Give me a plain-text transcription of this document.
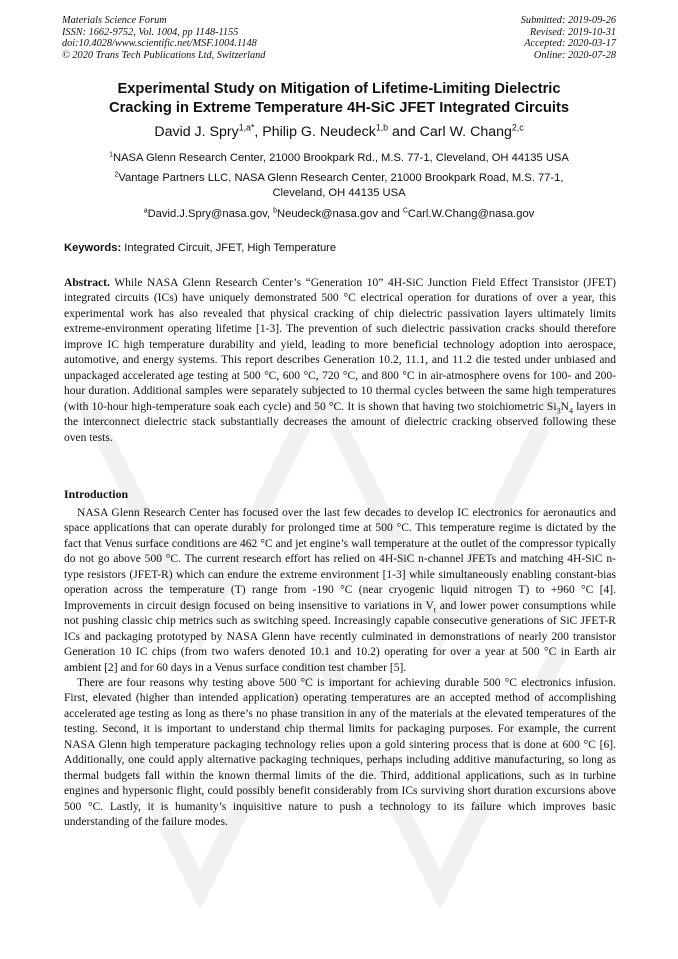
Materials Science Forum
ISSN: 1662-9752, Vol. 1004, pp 1148-1155
doi:10.4028/www.scientific.net/MSF.1004.1148
© 2020 Trans Tech Publications Ltd, Switzerland
Submitted: 2019-09-26
Revised: 2019-10-31
Accepted: 2020-03-17
Online: 2020-07-28
Experimental Study on Mitigation of Lifetime-Limiting Dielectric
Cracking in Extreme Temperature 4H-SiC JFET Integrated Circuits
David J. Spry$^{1,a*}$, Philip G. Neudeck$^{1,b}$ and Carl W. Chang$^{2,c}$
$^1$NASA Glenn Research Center, 21000 Brookpark Rd., M.S. 77-1, Cleveland, OH 44135 USA
$^2$Vantage Partners LLC, NASA Glenn Research Center, 21000 Brookpark Road, M.S. 77-1, Cleveland, OH 44135 USA
$^a$David.J.Spry@nasa.gov, $^b$Neudeck@nasa.gov and $^C$Carl.W.Chang@nasa.gov
Keywords: Integrated Circuit, JFET, High Temperature
Abstract. While NASA Glenn Research Center’s “Generation 10” 4H-SiC Junction Field Effect Transistor (JFET) integrated circuits (ICs) have uniquely demonstrated 500 °C electrical operation for durations of over a year, this experimental work has also revealed that physical cracking of chip dielectric passivation layers ultimately limits extreme-environment operating lifetime [1-3]. The prevention of such dielectric passivation cracks should therefore improve IC high temperature durability and yield, leading to more beneficial technology adoption into aerospace, automotive, and energy systems. This report describes Generation 10.2, 11.1, and 11.2 die tested under unbiased and unpackaged accelerated age testing at 500 °C, 600 °C, 720 °C, and 800 °C in air-atmosphere ovens for 100- and 200-hour duration. Additional samples were separately subjected to 10 thermal cycles between the same high temperatures (with 10-hour high-temperature soak each cycle) and 50 °C. It is shown that having two stoichiometric $Si_3N_4$ layers in the interconnect dielectric stack substantially decreases the amount of dielectric cracking observed following these oven tests.
Introduction

NASA Glenn Research Center has focused over the last few decades to develop IC electronics for aeronautics and space applications that can operate durably for prolonged time at 500 °C. This temperature regime is dictated by the fact that Venus surface conditions are 462 °C and jet engine’s wall temperature at the outlet of the compressor typically do not go above 500 °C. The current research effort has relied on 4H-SiC n-channel JFETs and matching 4H-SiC n-type resistors (JFET-R) which can endure the extreme environment [1-3] while simultaneously enabling constant-bias operation across the temperature (T) range from -190 °C (near cryogenic liquid nitrogen T) to +960 °C [4]. Improvements in circuit design focused on being insensitive to variations in $V_t$ and lower power consumptions while not pushing classic chip metrics such as switching speed. Increasingly capable consecutive generations of SiC JFET-R ICs and packaging prototyped by NASA Glenn have recently culminated in demonstrations of nearly 200 transistor Generation 10 IC chips (from two wafers denoted 10.1 and 10.2) operating for over a year at 500 °C in Earth air ambient [2] and for 60 days in a Venus surface condition test chamber [5].

There are four reasons why testing above 500 °C is important for achieving durable 500 °C electronics infusion. First, elevated (higher than intended application) operating temperatures are an accepted method of accomplishing accelerated age testing as long as there’s no phase transition in any of the materials at the elevated temperatures of the testing. Second, it is important to understand chip thermal limits for packaging purposes. For example, the current NASA Glenn high temperature packaging technology relies upon a gold sintering process that is done at 600 °C [6]. Additionally, one could apply alternative packaging techniques, perhaps including additive manufacturing, so long as thermal budgets fall within the known thermal limits of the die. Third, additional applications, such as in turbine engines and hypersonic flight, could possibly benefit considerably from ICs surviving short duration excursions above 500 °C. Lastly, it is humanity’s inquisitive nature to push a technology to its failure which improves basic understanding of the failure modes.
